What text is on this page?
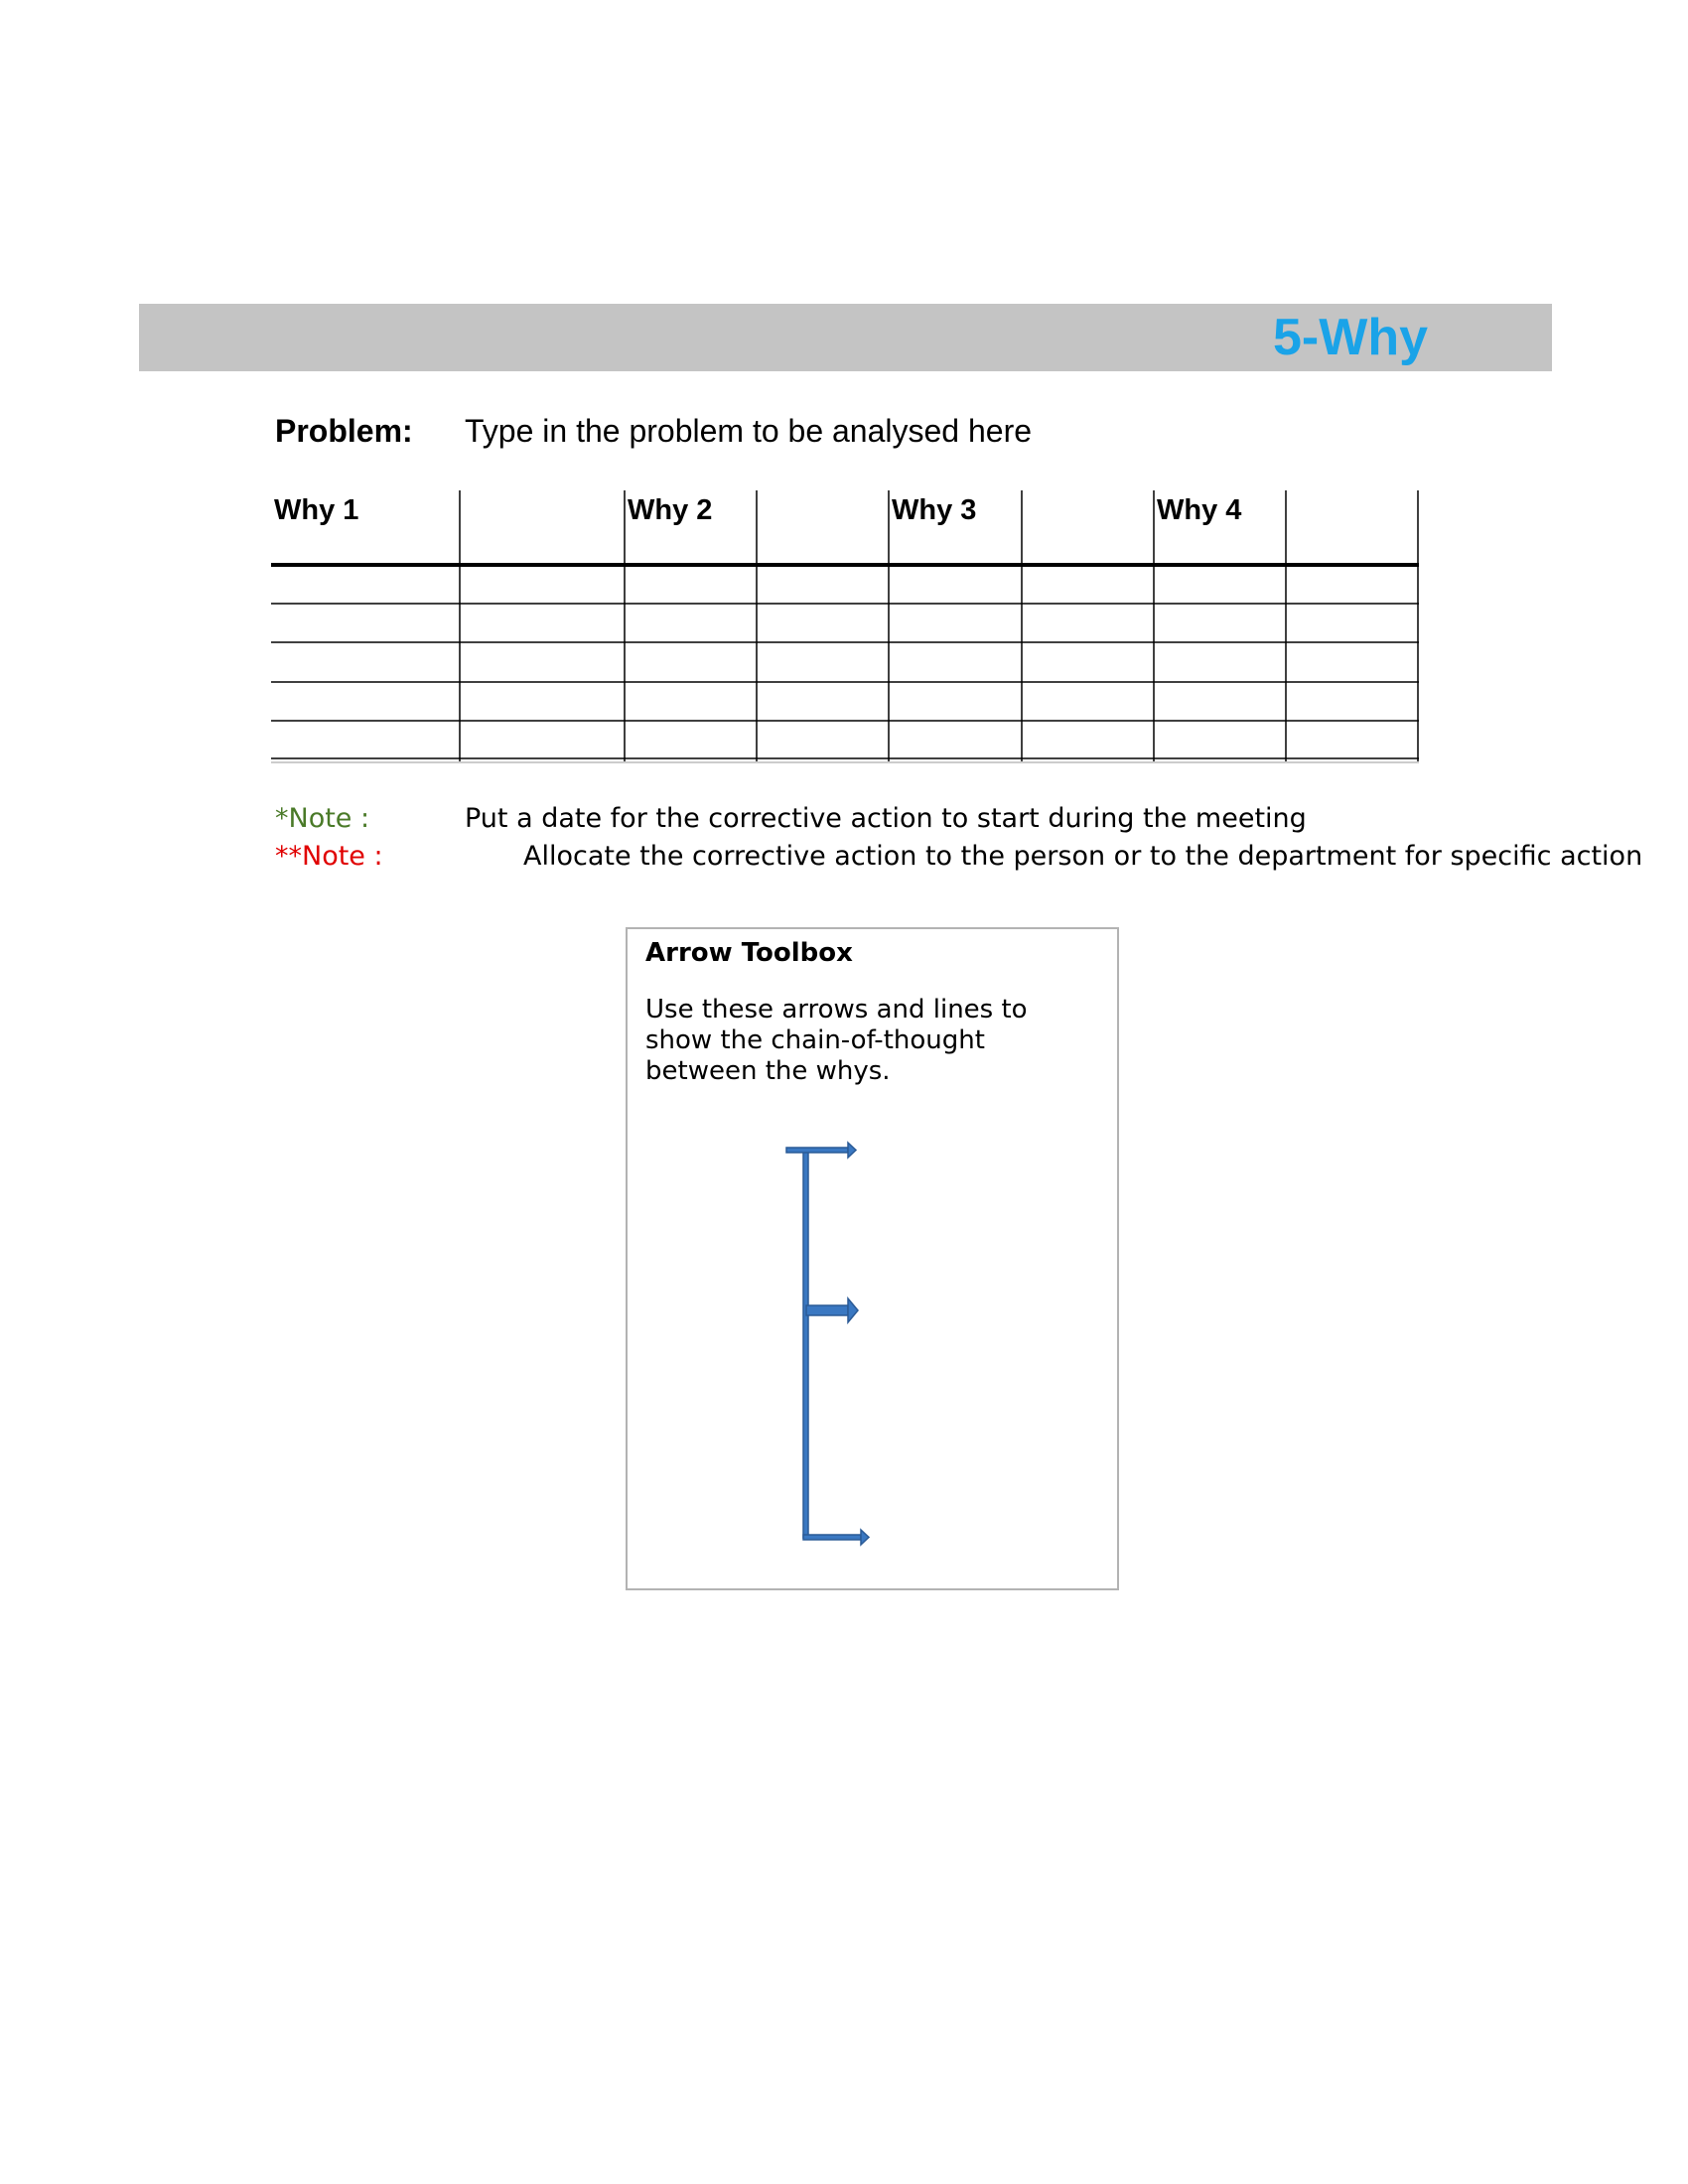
5-Why
Problem: Type in the problem to be analysed here
Why 1	Why 2	Why 3	Why 4
*Note :	Put a date for the corrective action to start during the meeting
**Note :	Allocate the corrective action to the person or to the department for specific action
Arrow Toolbox
Use these arrows and lines to show the chain-of-thought between the whys.
